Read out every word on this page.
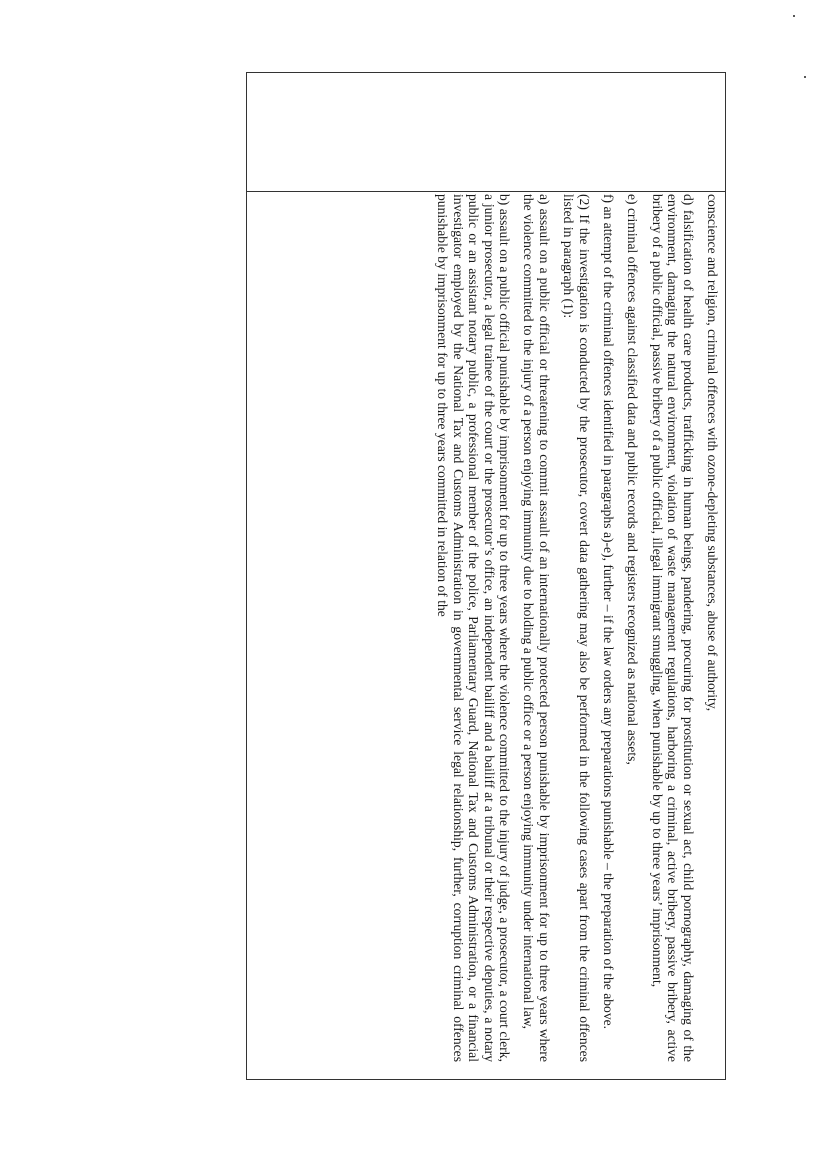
conscience and religion, criminal offences with ozone-depleting substances, abuse of authority,

d) falsification of health care products, trafficking in human beings, pandering, procuring for prostitution or sexual act, child pornography, damaging of the environment, damaging the natural environment, violation of waste management regulations, harboring a criminal, active bribery, passive bribery, active bribery of a public official, passive bribery of a public official, illegal immigrant smuggling, when punishable by up to three years’ imprisonment,

e) criminal offences against classified data and public records and registers recognized as national assets,

f) an attempt of the criminal offences identified in paragraphs a)-e), further – if the law orders any preparations punishable – the preparation of the above.

(2) If the investigation is conducted by the prosecutor, covert data gathering may also be performed in the following cases apart from the criminal offences listed in paragraph (1):

a) assault on a public official or threatening to commit assault of an internationally protected person punishable by imprisonment for up to three years where the violence committed to the injury of a person enjoying immunity due to holding a public office or a person enjoying immunity under international law,

b) assault on a public official punishable by imprisonment for up to three years where the violence committed to the injury of judge, a prosecutor, a court clerk, a junior prosecutor, a legal trainee of the court or the prosecutor’s office, an independent bailiff and a bailiff at a tribunal or their respective deputies, a notary public or an assistant notary public, a professional member of the police, Parliamentary Guard, National Tax and Customs Administration, or a financial investigator employed by the National Tax and Customs Administration in governmental service legal relationship, further, corruption criminal offences punishable by imprisonment for up to three years committed in relation of the
